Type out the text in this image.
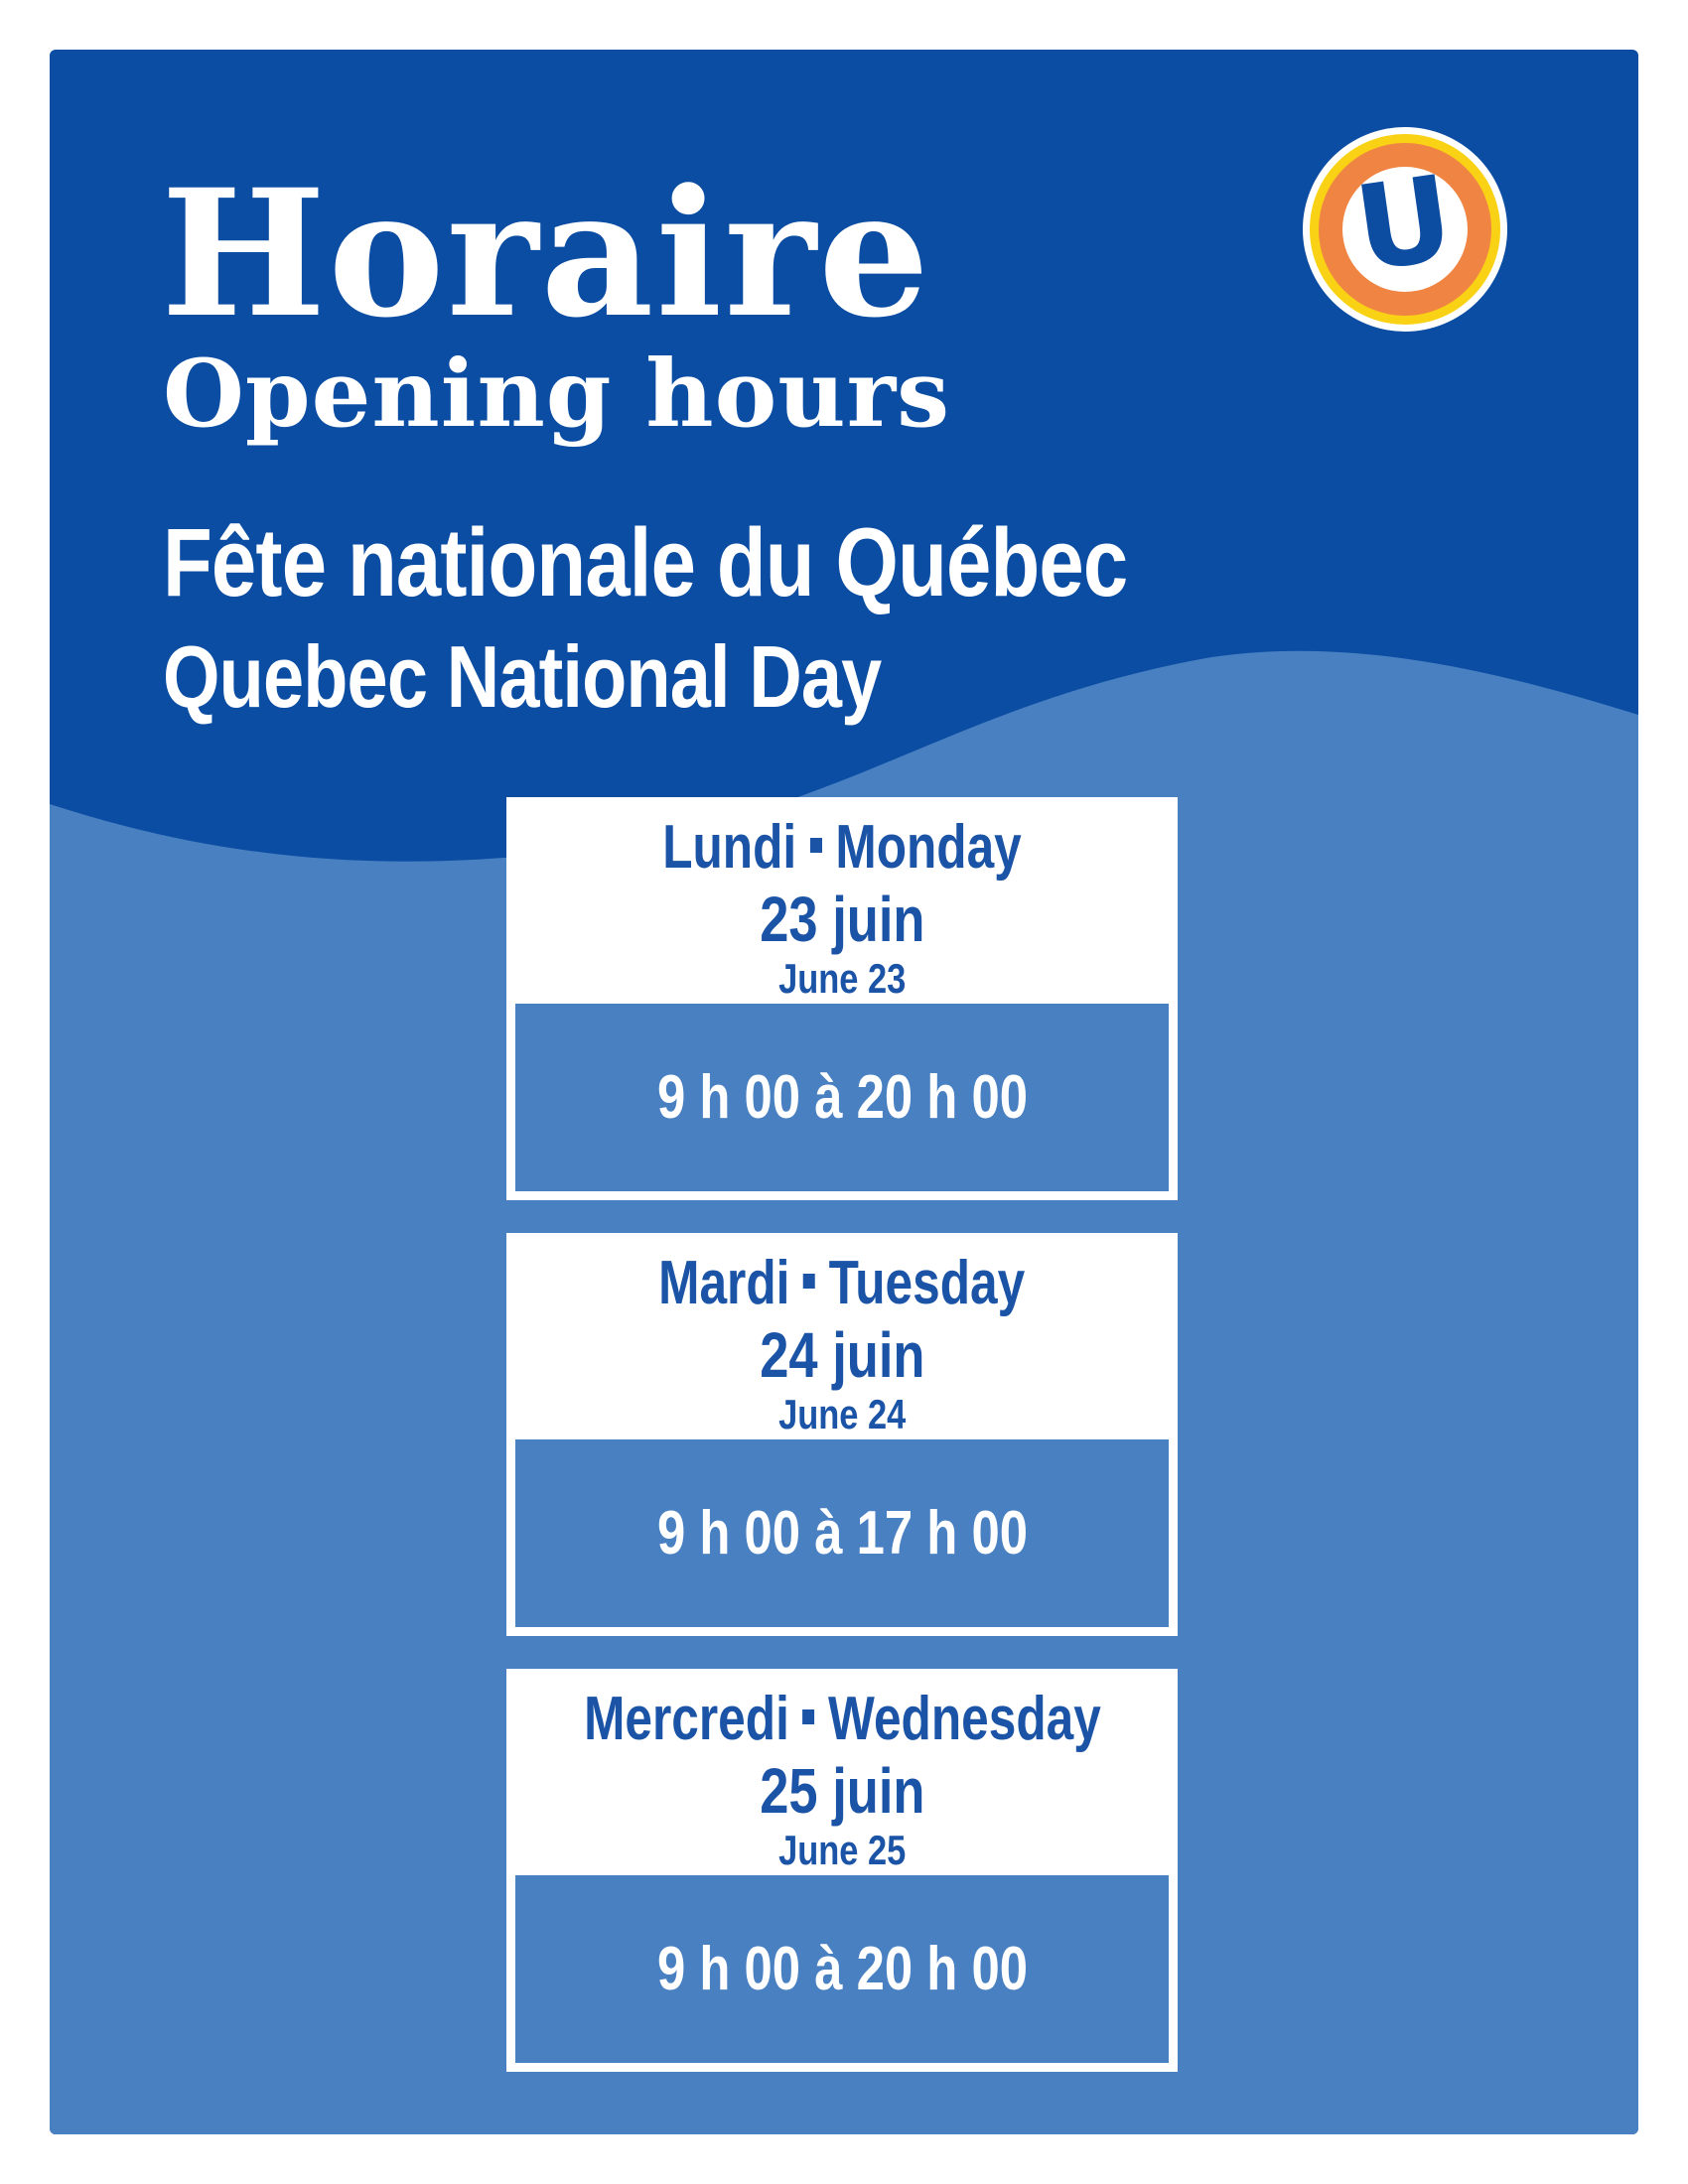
U
Horaire
Opening hours
Fête nationale du Québec
Quebec National Day
Lundi Monday
23 juin
June 23
9 h 00 à 20 h 00
Mardi Tuesday
24 juin
June 24
9 h 00 à 17 h 00
Mercredi Wednesday
25 juin
June 25
9 h 00 à 20 h 00
